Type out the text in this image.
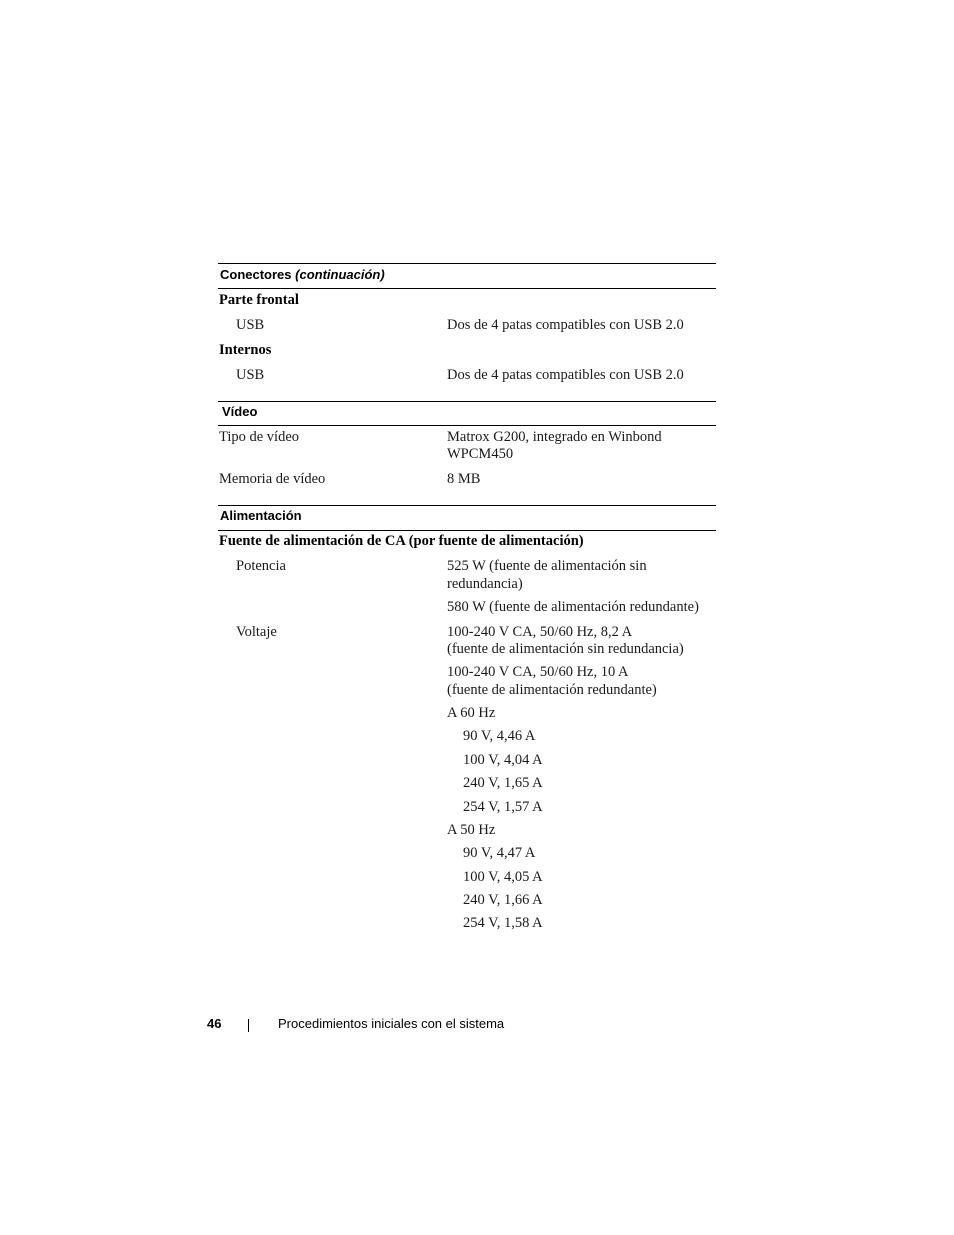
Conectores (continuación)
Parte frontal
USB	Dos de 4 patas compatibles con USB 2.0
Internos
USB	Dos de 4 patas compatibles con USB 2.0
Vídeo
Tipo de vídeo	Matrox G200, integrado en Winbond
WPCM450
Memoria de vídeo	8 MB
Alimentación
Fuente de alimentación de CA (por fuente de alimentación)
Potencia	525 W (fuente de alimentación sin
redundancia)
580 W (fuente de alimentación redundante)
Voltaje	100-240 V CA, 50/60 Hz, 8,2 A
(fuente de alimentación sin redundancia)
100-240 V CA, 50/60 Hz, 10 A
(fuente de alimentación redundante)
A 60 Hz
90 V, 4,46 A
100 V, 4,04 A
240 V, 1,65 A
254 V, 1,57 A
A 50 Hz
90 V, 4,47 A
100 V, 4,05 A
240 V, 1,66 A
254 V, 1,58 A
46	Procedimientos iniciales con el sistema
